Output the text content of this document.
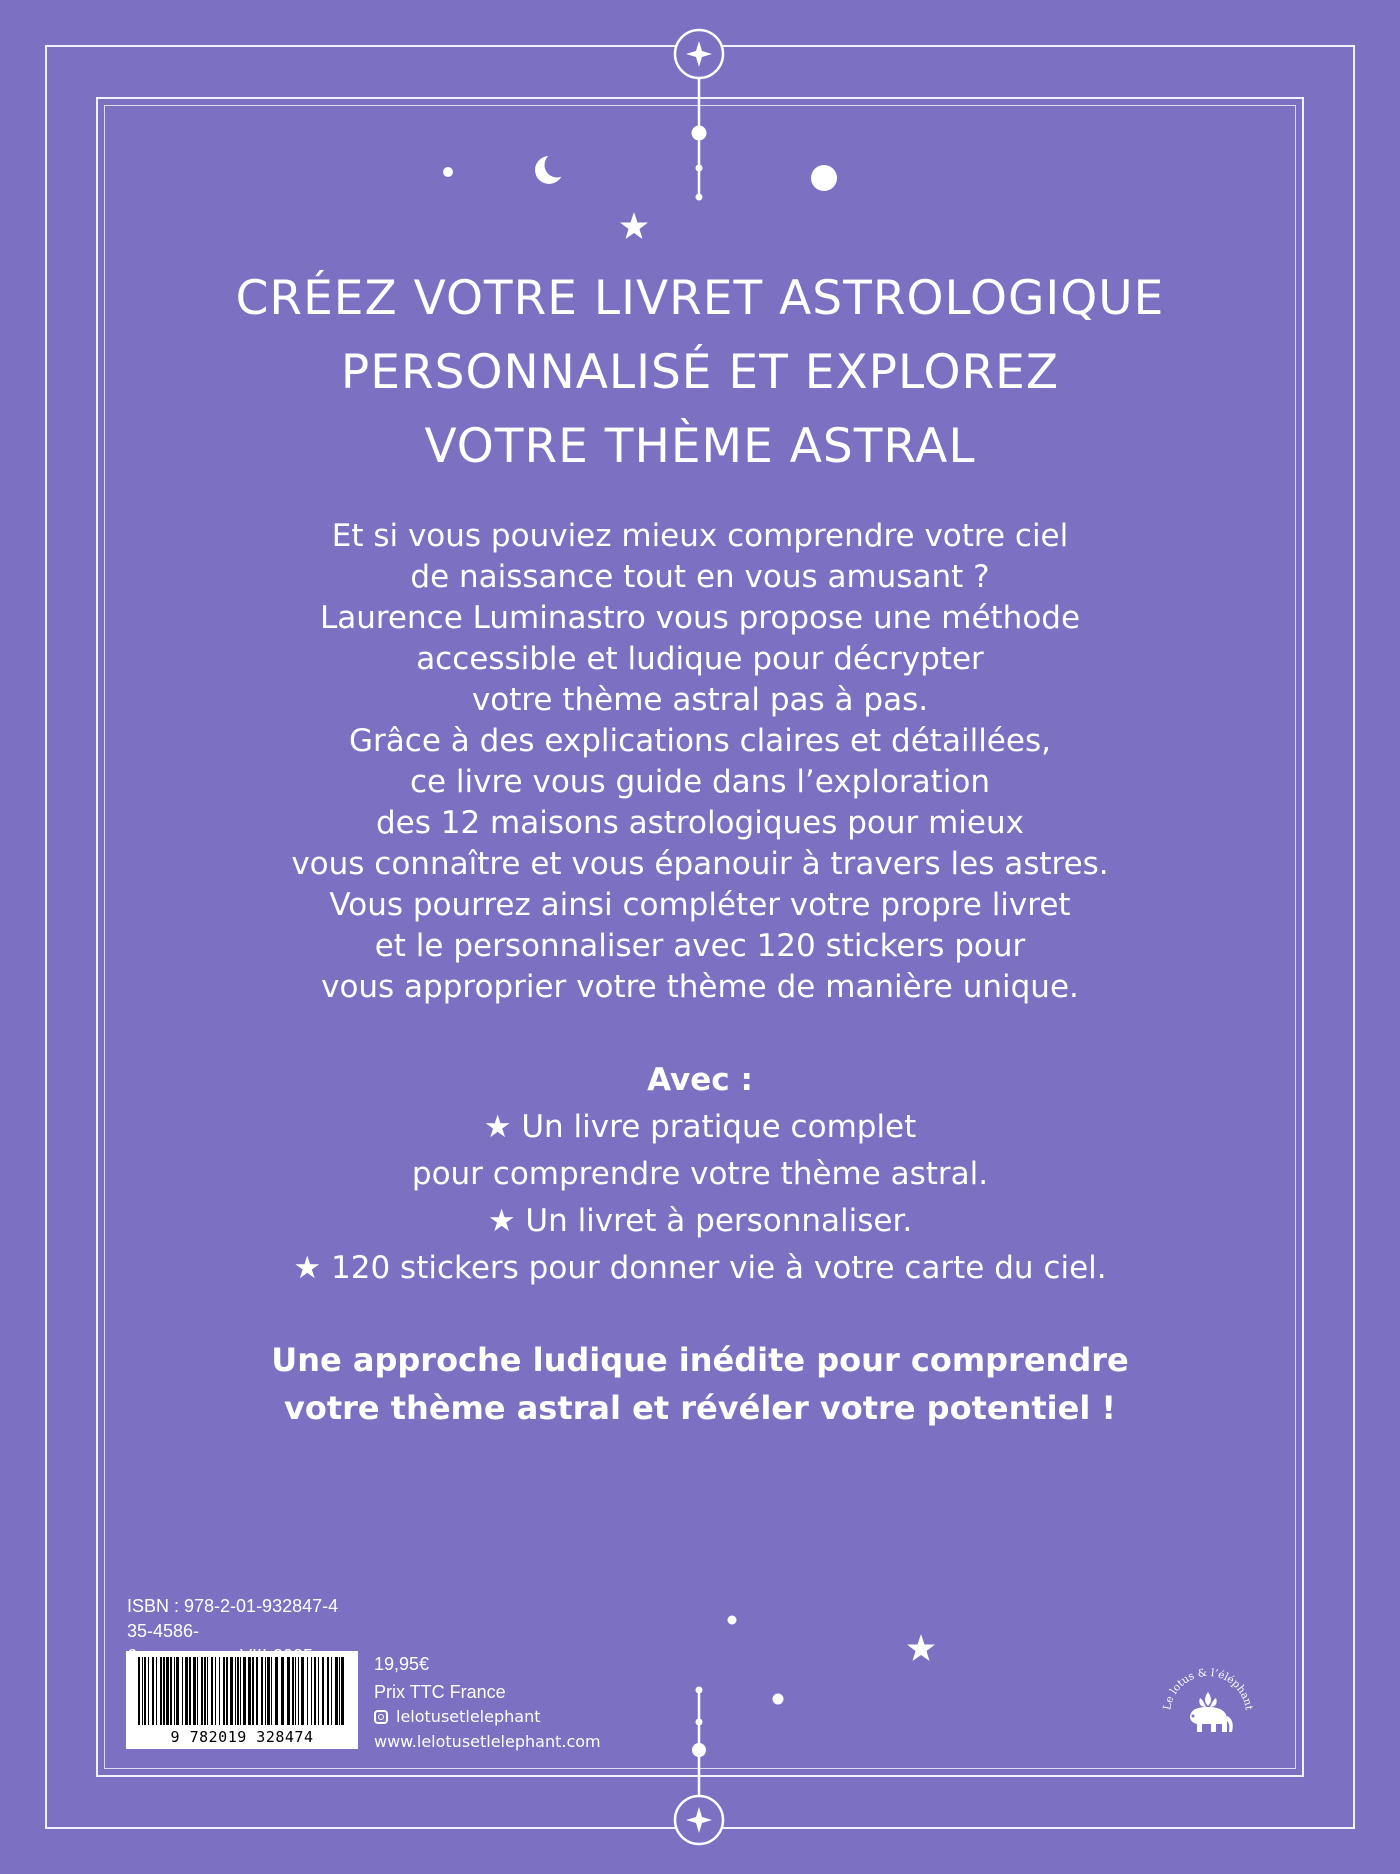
CRÉEZ VOTRE LIVRET ASTROLOGIQUE
PERSONNALISÉ ET EXPLOREZ
VOTRE THÈME ASTRAL
Et si vous pouviez mieux comprendre votre ciel
de naissance tout en vous amusant ?
Laurence Luminastro vous propose une méthode
accessible et ludique pour décrypter
votre thème astral pas à pas.
Grâce à des explications claires et détaillées,
ce livre vous guide dans l’exploration
des 12 maisons astrologiques pour mieux
vous connaître et vous épanouir à travers les astres.
Vous pourrez ainsi compléter votre propre livret
et le personnaliser avec 120 stickers pour
vous approprier votre thème de manière unique.
Avec :
★ Un livre pratique complet
pour comprendre votre thème astral.
★ Un livret à personnaliser.
★ 120 stickers pour donner vie à votre carte du ciel.
Une approche ludique inédite pour comprendre
votre thème astral et révéler votre potentiel !
ISBN : 978-2-01-932847-4
35-4586-
9 782019 328474
19,95€
Prix TTC France
lelotusetlelephant
www.lelotusetlelephant.com
Le lotus & l’éléphant
